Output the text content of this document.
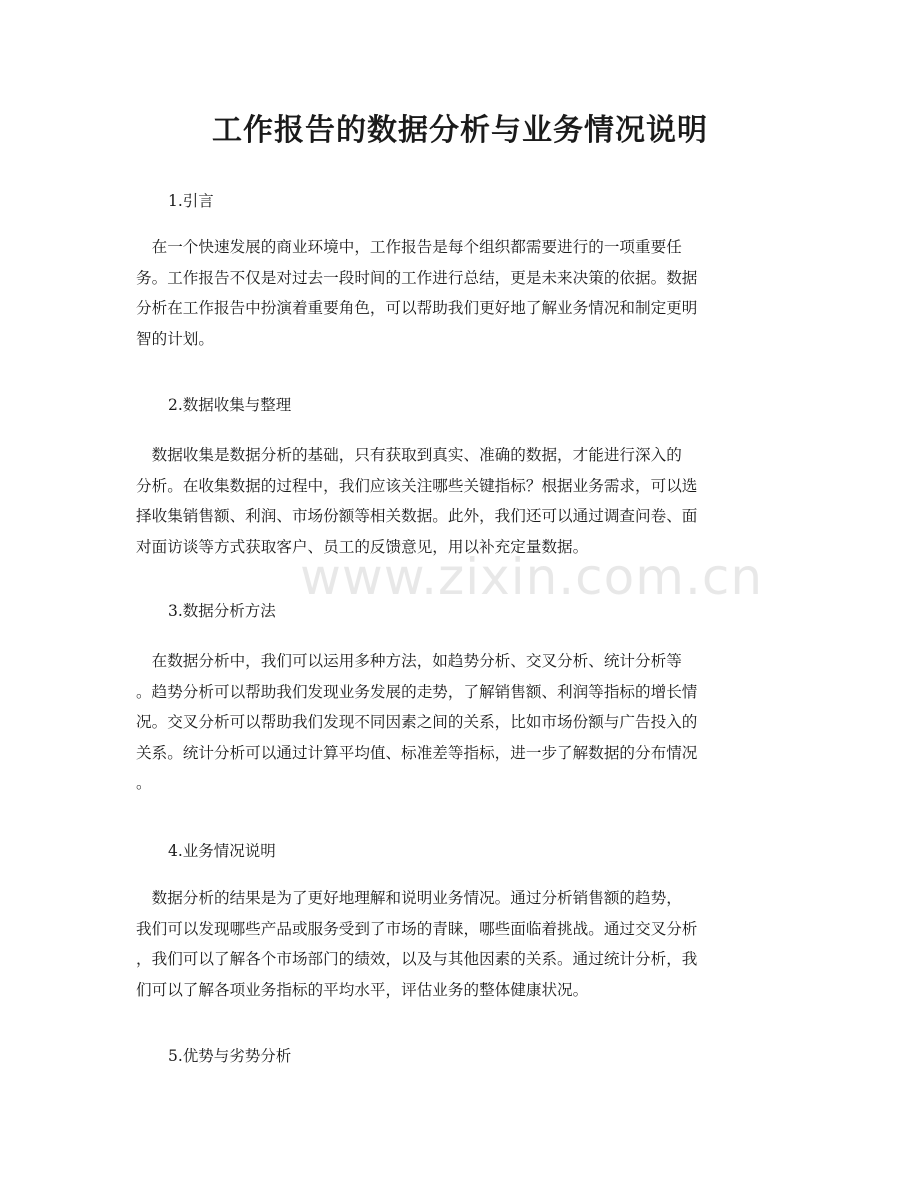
工作报告的数据分析与业务情况说明
www.zixin.com.cn

1.引言

　在一个快速发展的商业环境中，工作报告是每个组织都需要进行的一项重要任
务。工作报告不仅是对过去一段时间的工作进行总结，更是未来决策的依据。数据
分析在工作报告中扮演着重要角色，可以帮助我们更好地了解业务情况和制定更明
智的计划。

2.数据收集与整理

　数据收集是数据分析的基础，只有获取到真实、准确的数据，才能进行深入的
分析。在收集数据的过程中，我们应该关注哪些关键指标？根据业务需求，可以选
择收集销售额、利润、市场份额等相关数据。此外，我们还可以通过调查问卷、面
对面访谈等方式获取客户、员工的反馈意见，用以补充定量数据。

3.数据分析方法

　在数据分析中，我们可以运用多种方法，如趋势分析、交叉分析、统计分析等
。趋势分析可以帮助我们发现业务发展的走势，了解销售额、利润等指标的增长情
况。交叉分析可以帮助我们发现不同因素之间的关系，比如市场份额与广告投入的
关系。统计分析可以通过计算平均值、标准差等指标，进一步了解数据的分布情况
。

4.业务情况说明

　数据分析的结果是为了更好地理解和说明业务情况。通过分析销售额的趋势，
我们可以发现哪些产品或服务受到了市场的青睐，哪些面临着挑战。通过交叉分析
，我们可以了解各个市场部门的绩效，以及与其他因素的关系。通过统计分析，我
们可以了解各项业务指标的平均水平，评估业务的整体健康状况。

5.优势与劣势分析
